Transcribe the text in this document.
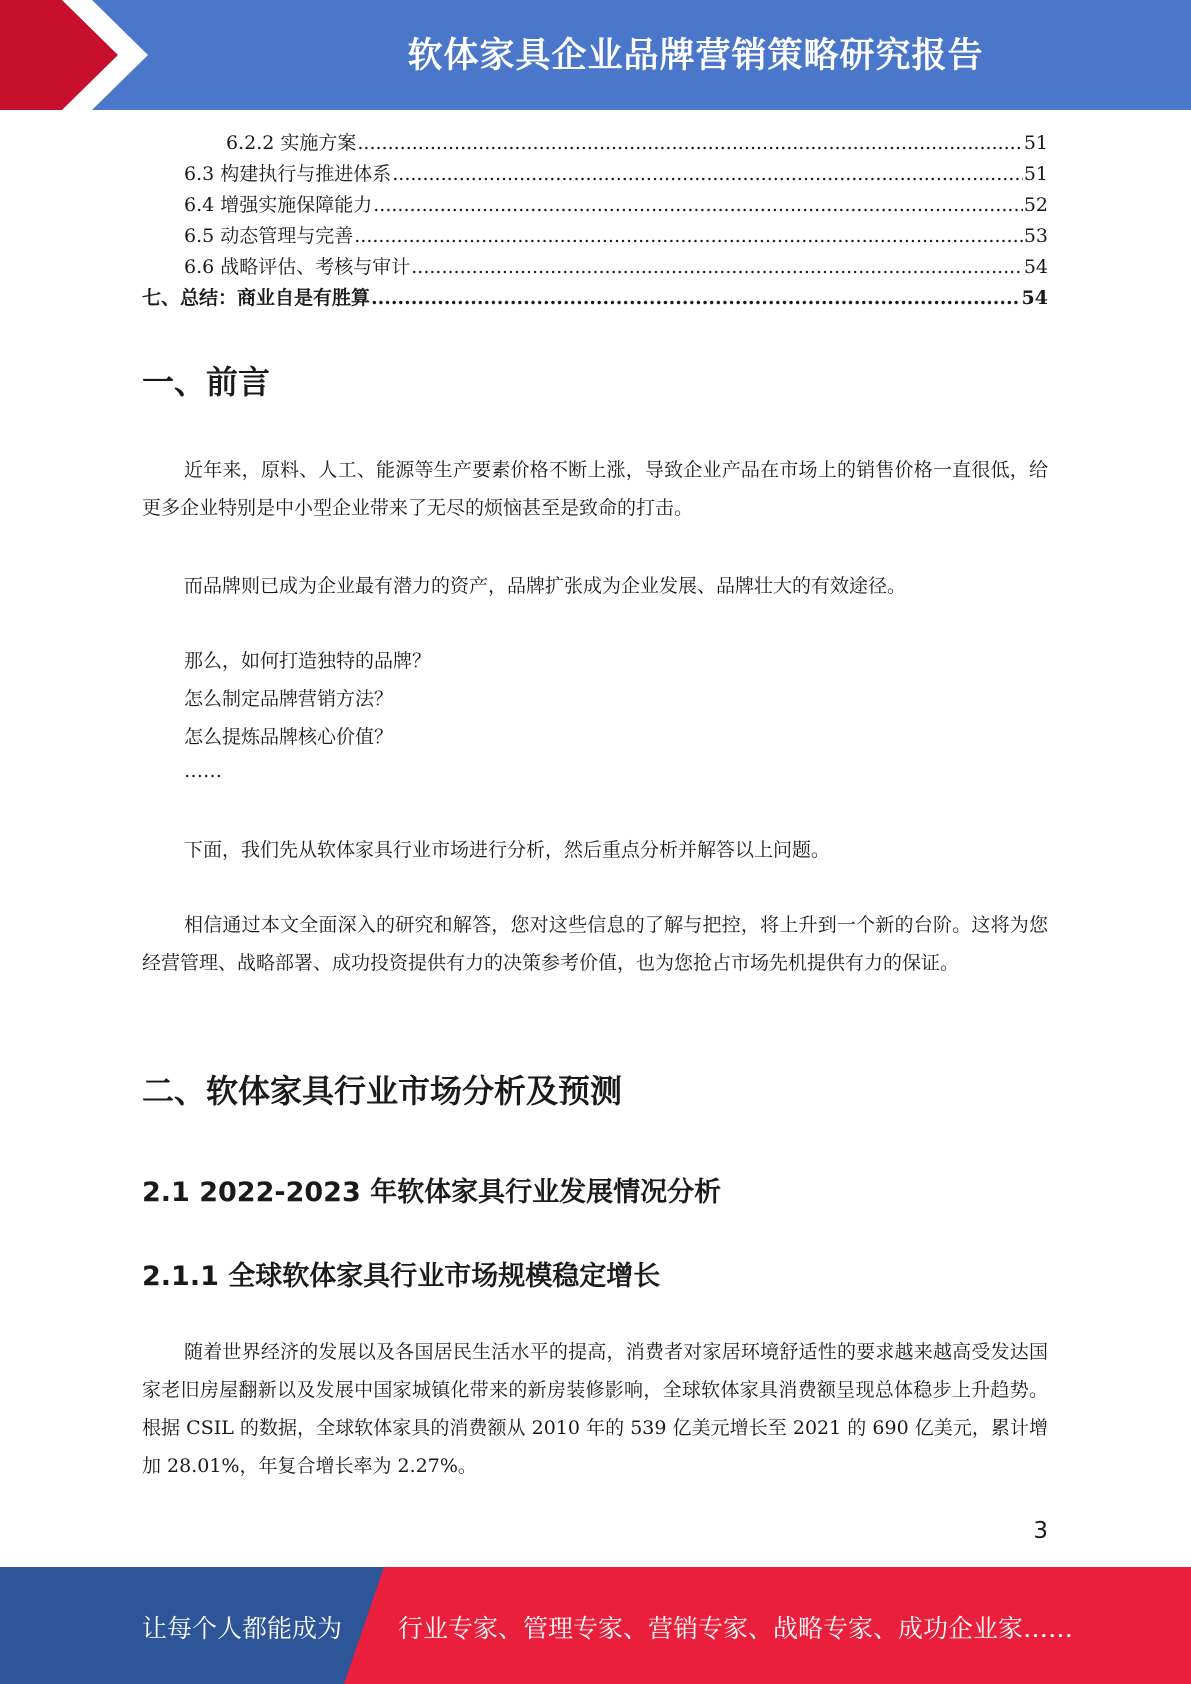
软体家具企业品牌营销策略研究报告
6.2.2 实施方案 .....	51
6.3 构建执行与推进体系 .....	51
6.4 增强实施保障能力 .....	52
6.5 动态管理与完善 .....	53
6.6 战略评估、考核与审计 .....	54
七、总结：商业自是有胜算 .....	54
一、前言
近年来，原料、人工、能源等生产要素价格不断上涨，导致企业产品在市场上的销售价格一直很低，给更多企业特别是中小型企业带来了无尽的烦恼甚至是致命的打击。
而品牌则已成为企业最有潜力的资产，品牌扩张成为企业发展、品牌壮大的有效途径。
那么，如何打造独特的品牌？
怎么制定品牌营销方法？
怎么提炼品牌核心价值？
……
下面，我们先从软体家具行业市场进行分析，然后重点分析并解答以上问题。
相信通过本文全面深入的研究和解答，您对这些信息的了解与把控，将上升到一个新的台阶。这将为您经营管理、战略部署、成功投资提供有力的决策参考价值，也为您抢占市场先机提供有力的保证。
二、软体家具行业市场分析及预测
2.1 2022-2023 年软体家具行业发展情况分析
2.1.1 全球软体家具行业市场规模稳定增长
随着世界经济的发展以及各国居民生活水平的提高，消费者对家居环境舒适性的要求越来越高受发达国家老旧房屋翻新以及发展中国家城镇化带来的新房装修影响，全球软体家具消费额呈现总体稳步上升趋势。根据 CSIL 的数据，全球软体家具的消费额从 2010 年的 539 亿美元增长至 2021 的 690 亿美元，累计增加 28.01%，年复合增长率为 2.27%。
3
让每个人都能成为 行业专家、管理专家、营销专家、战略专家、成功企业家……
